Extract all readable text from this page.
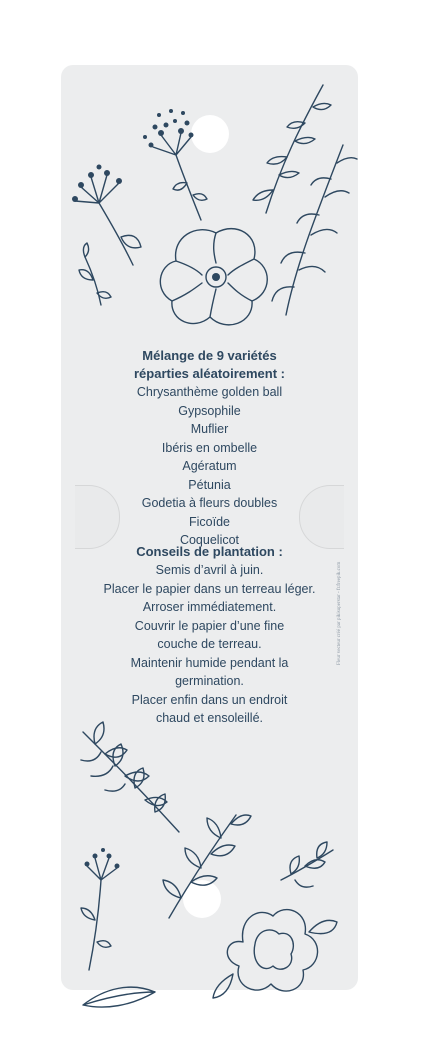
Mélange de 9 variétés
réparties aléatoirement :
Chrysanthème golden ball
Gypsophile
Muflier
Ibéris en ombelle
Agératum
Pétunia
Godetia à fleurs doubles
Ficoïde
Coquelicot
Conseils de plantation :
Semis d’avril à juin.
Placer le papier dans un terreau léger.
Arroser immédiatement.
Couvrir le papier d’une fine
couche de terreau.
Maintenir humide pendant la
germination.
Placer enfin dans un endroit
chaud et ensoleillé.
Fleur vecteur créé par pikisuperstar - fr.freepik.com
